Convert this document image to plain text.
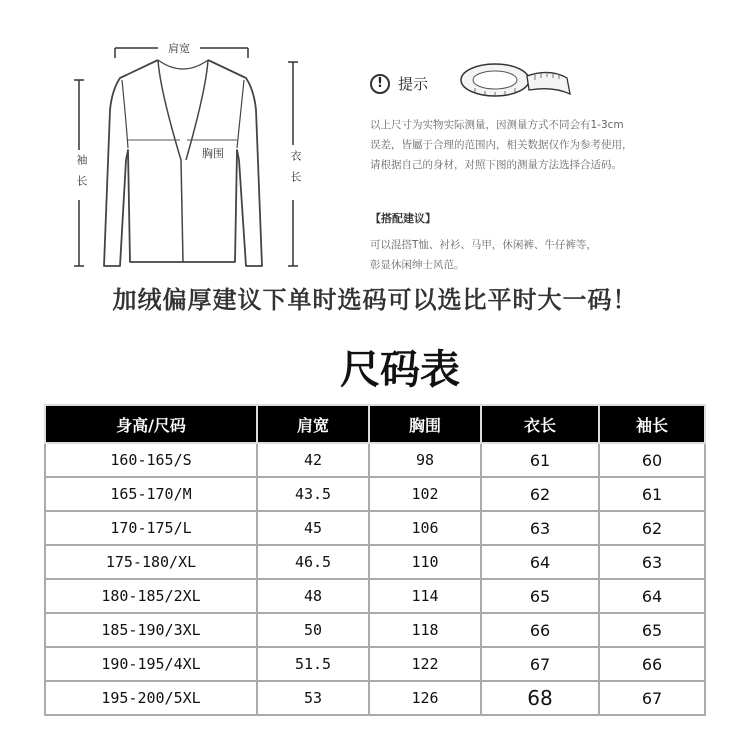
肩宽
胸围
袖长	衣长
!	提示
以上尺寸为实物实际测量，因测量方式不同会有1-3cm
误差，皆屬于合理的范围内，相关数据仅作为参考使用，
请根据自己的身材，对照下图的测量方法选择合适码。
【搭配建议】
可以混搭T恤、衬衫、马甲，休闲裤、牛仔裤等，
彰显休闲绅士风范。
加绒偏厚建议下单时选码可以选比平时大一码！
尺码表
身高/尺码	肩宽	胸围	衣长	袖长
160-165/S	42	98	61	60
165-170/M	43.5	102	62	61
170-175/L	45	106	63	62
175-180/XL	46.5	110	64	63
180-185/2XL	48	114	65	64
185-190/3XL	50	118	66	65
190-195/4XL	51.5	122	67	66
195-200/5XL	53	126	68	67
